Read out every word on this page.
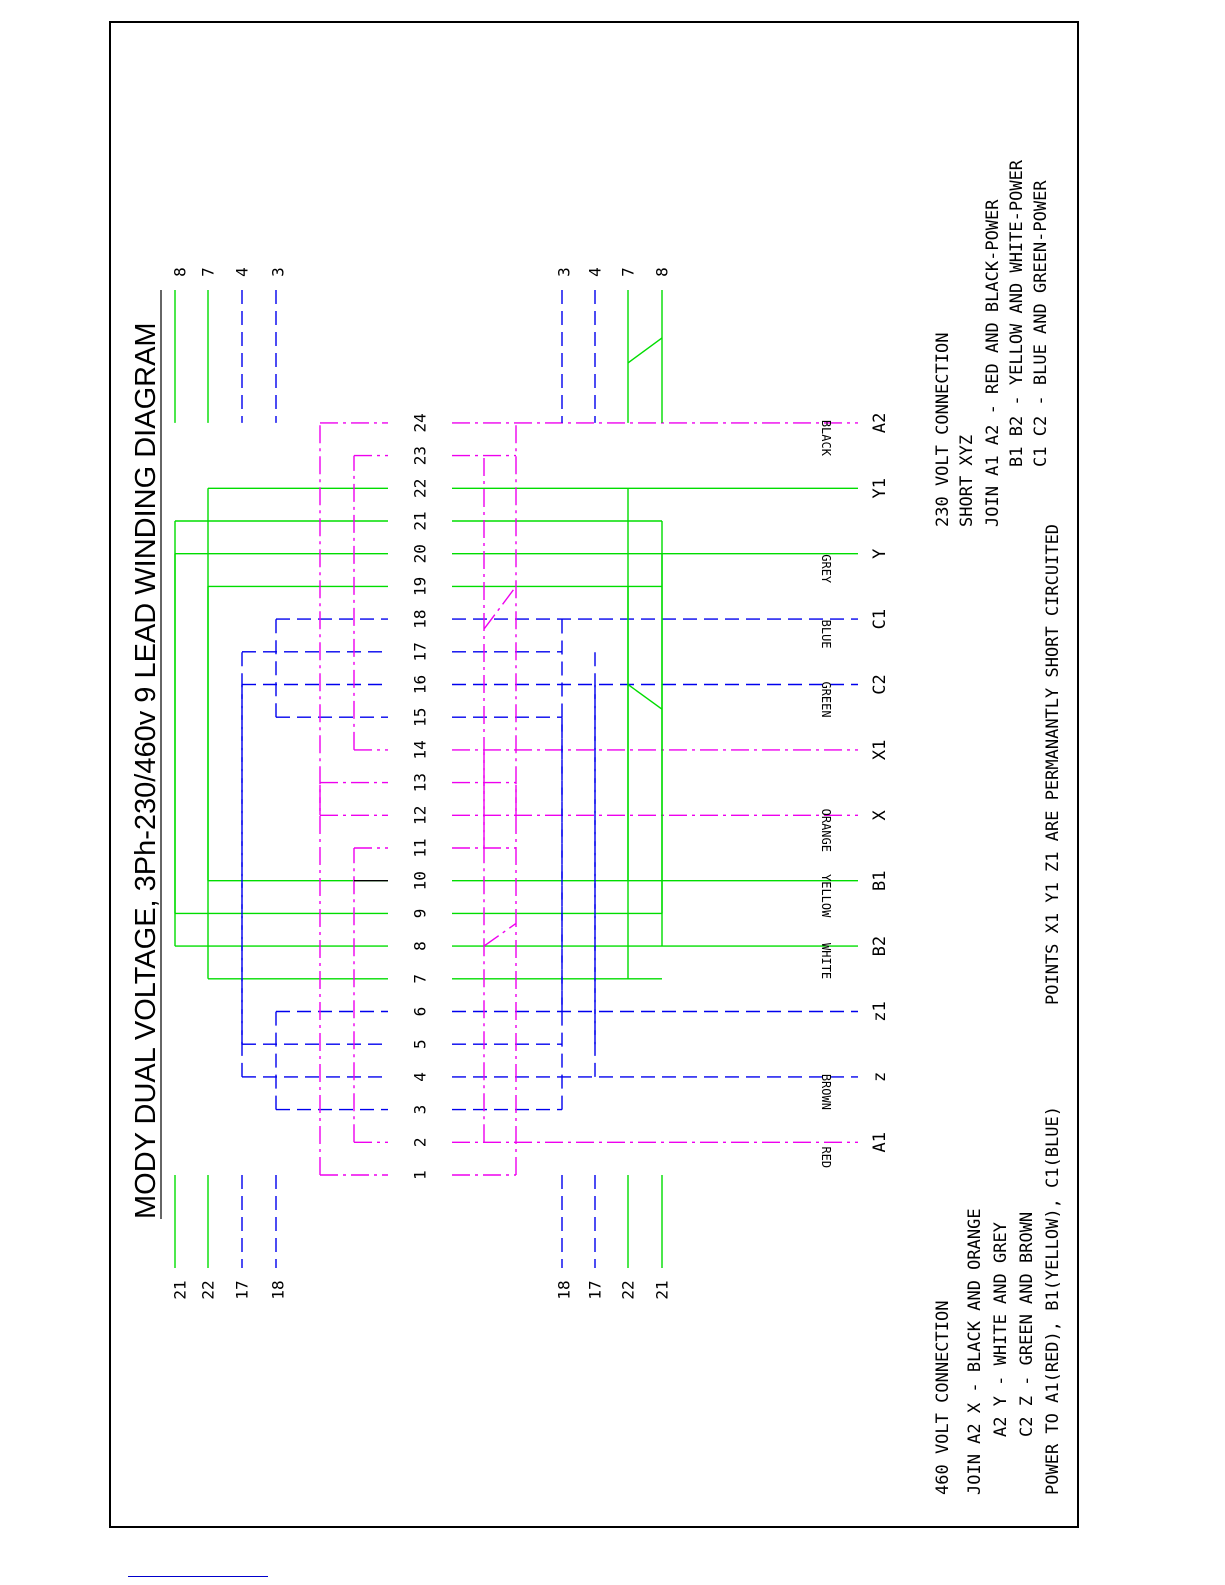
MODY DUAL VOLTAGE, 3Ph-230/460v 9 LEAD WINDING DIAGRAM	1
2
3
4
5
6
7
8
9
10
11
12
13
14
15
16
17
18
19
20
21
22
23
24
A1
z
z1
B2
B1
X
X1
C2
C1
Y
Y1
A2
RED
BROWN
WHITE
YELLOW
ORANGE
GREEN
BLUE
GREY
BLACK
8 7 4 3
21 22 17 18
3 4 7 8
18 17 22 21
460 VOLT CONNECTION JOIN A2 X - BLACK AND ORANGE A2 Y - WHITE AND GREY C2 Z - GREEN AND BROWN POWER TO A1(RED), B1(YELLOW), C1(BLUE)
POINTS X1 Y1 Z1 ARE PERMANANTLY SHORT CIRCUITED
230 VOLT CONNECTION SHORT XYZ JOIN A1 A2 - RED AND BLACK-POWER B1 B2 - YELLOW AND WHITE-POWER C1 C2 - BLUE AND GREEN-POWER
